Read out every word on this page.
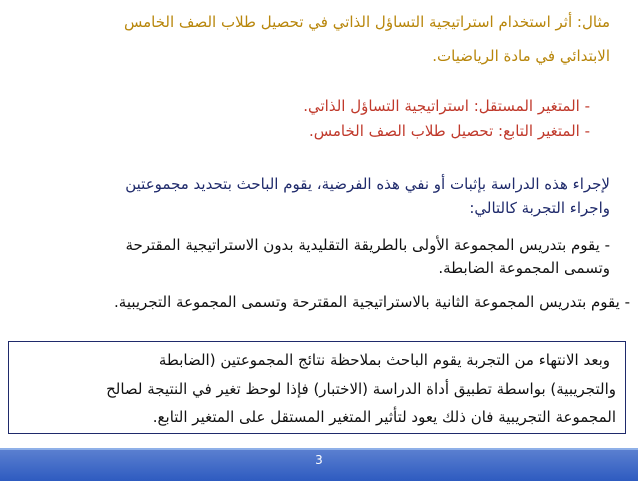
مثال: أثر استخدام استراتيجية التساؤل الذاتي في تحصيل طلاب الصف الخامس
الابتدائي في مادة الرياضيات.
- المتغير المستقل: استراتيجية التساؤل الذاتي.
- المتغير التابع: تحصيل طلاب الصف الخامس.
لإجراء هذه الدراسة بإثبات أو نفي هذه الفرضية، يقوم الباحث بتحديد مجموعتين
واجراء التجربة كالتالي:
- يقوم بتدريس المجموعة الأولى بالطريقة التقليدية بدون الاستراتيجية المقترحة
وتسمى المجموعة الضابطة.
- يقوم بتدريس المجموعة الثانية بالاستراتيجية المقترحة وتسمى المجموعة التجريبية.
وبعد الانتهاء من التجربة يقوم الباحث بملاحظة نتائج المجموعتين (الضابطة
والتجريبية) بواسطة تطبيق أداة الدراسة (الاختبار) فإذا لوحظ تغير في النتيجة لصالح
المجموعة التجريبية فان ذلك يعود لتأثير المتغير المستقل على المتغير التابع.
3
